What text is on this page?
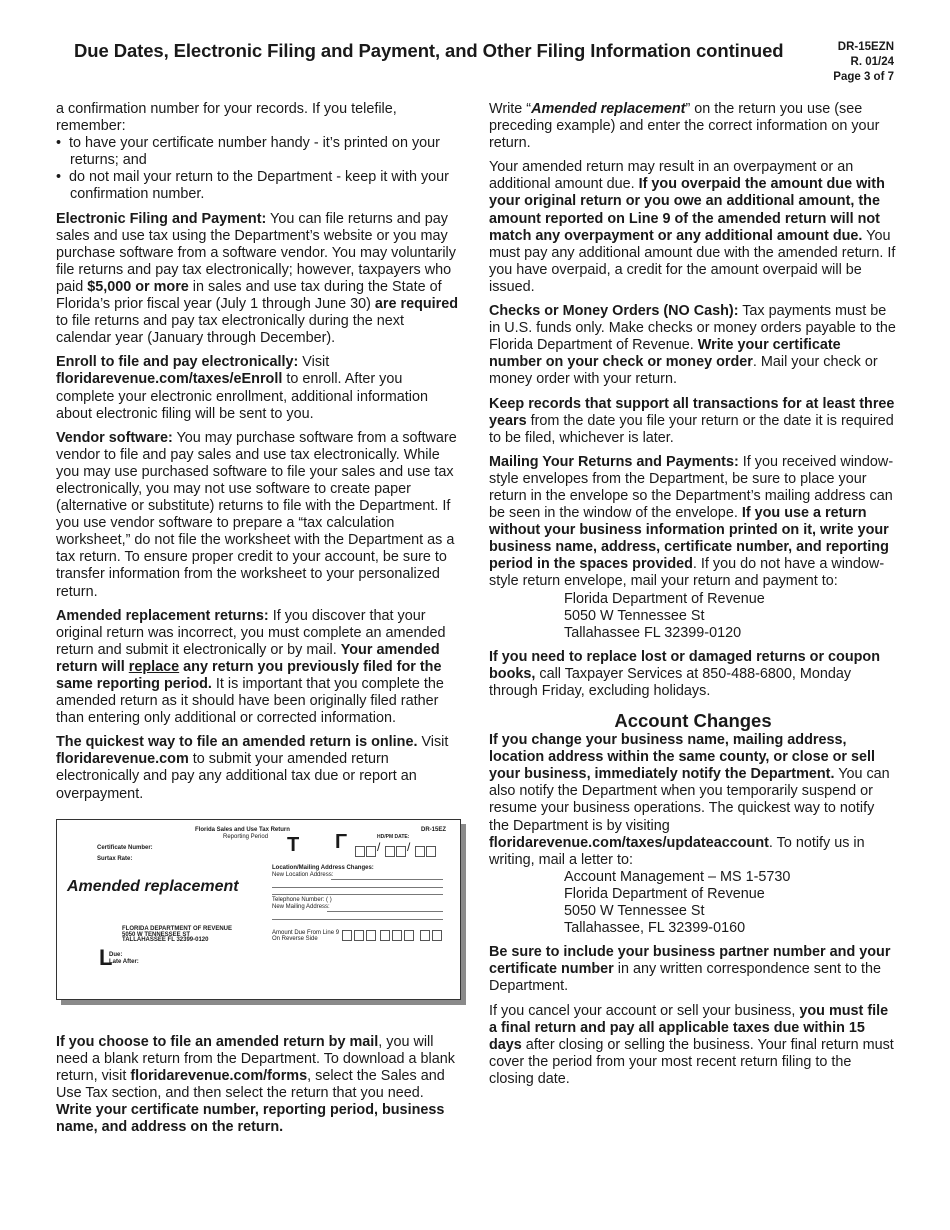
Due Dates, Electronic Filing and Payment, and Other Filing Information continued	DR-15EZN
R. 01/24
Page 3 of 7

a confirmation number for your records. If you telefile, remember:

•  to have your certificate number handy - it’s printed on your returns; and
•  do not mail your return to the Department - keep it with your confirmation number.

Electronic Filing and Payment: You can file returns and pay sales and use tax using the Department’s website or you may purchase software from a software vendor. You may voluntarily file returns and pay tax electronically; however, taxpayers who paid $5,000 or more in sales and use tax during the State of Florida’s prior fiscal year (July 1 through June 30) are required to file returns and pay tax electronically during the next calendar year (January through December).

Enroll to file and pay electronically: Visit floridarevenue.com/taxes/eEnroll to enroll. After you complete your electronic enrollment, additional information about electronic filing will be sent to you.

Vendor software: You may purchase software from a software vendor to file and pay sales and use tax electronically. While you may use purchased software to file your sales and use tax electronically, you may not use software to create paper (alternative or substitute) returns to file with the Department. If you use vendor software to prepare a “tax calculation worksheet,” do not file the worksheet with the Department as a tax return. To ensure proper credit to your account, be sure to transfer information from the worksheet to your personalized return.

Amended replacement returns: If you discover that your original return was incorrect, you must complete an amended return and submit it electronically or by mail. Your amended return will replace any return you previously filed for the same reporting period. It is important that you complete the amended return as it should have been originally filed rather than entering only additional or corrected information.

The quickest way to file an amended return is online. Visit floridarevenue.com to submit your amended return electronically and pay any additional tax due or report an overpayment.

Florida Sales and Use Tax Return	DR-15EZ
Reporting Period T Γ	HD/PM DATE:
/ /
Certificate Number:
Surtax Rate:
Location/Mailing Address Changes:
New Location Address:
Telephone Number: ( )
New Mailing Address:
Amended replacement
FLORIDA DEPARTMENT OF REVENUE
5050 W TENNESSEE ST
TALLAHASSEE FL 32399-0120
Amount Due From Line 9
On Reverse Side
L
Due:
Late After:

If you choose to file an amended return by mail, you will need a blank return from the Department. To download a blank return, visit floridarevenue.com/forms, select the Sales and Use Tax section, and then select the return that you need. Write your certificate number, reporting period, business name, and address on the return.

Write “Amended replacement” on the return you use (see preceding example) and enter the correct information on your return.

Your amended return may result in an overpayment or an additional amount due. If you overpaid the amount due with your original return or you owe an additional amount, the amount reported on Line 9 of the amended return will not match any overpayment or any additional amount due. You must pay any additional amount due with the amended return. If you have overpaid, a credit for the amount overpaid will be issued.

Checks or Money Orders (NO Cash): Tax payments must be in U.S. funds only. Make checks or money orders payable to the Florida Department of Revenue. Write your certificate number on your check or money order. Mail your check or money order with your return.

Keep records that support all transactions for at least three years from the date you file your return or the date it is required to be filed, whichever is later.

Mailing Your Returns and Payments: If you received window-style envelopes from the Department, be sure to place your return in the envelope so the Department’s mailing address can be seen in the window of the envelope. If you use a return without your business information printed on it, write your business name, address, certificate number, and reporting period in the spaces provided. If you do not have a window-style return envelope, mail your return and payment to:

Florida Department of Revenue
5050 W Tennessee St
Tallahassee FL 32399-0120

If you need to replace lost or damaged returns or coupon books, call Taxpayer Services at 850-488-6800, Monday through Friday, excluding holidays.

Account Changes

If you change your business name, mailing address, location address within the same county, or close or sell your business, immediately notify the Department. You can also notify the Department when you temporarily suspend or resume your business operations. The quickest way to notify the Department is by visiting floridarevenue.com/taxes/updateaccount. To notify us in writing, mail a letter to:

Account Management – MS 1-5730
Florida Department of Revenue
5050 W Tennessee St
Tallahassee, FL 32399-0160

Be sure to include your business partner number and your certificate number in any written correspondence sent to the Department.

If you cancel your account or sell your business, you must file a final return and pay all applicable taxes due within 15 days after closing or selling the business. Your final return must cover the period from your most recent return filing to the closing date.
